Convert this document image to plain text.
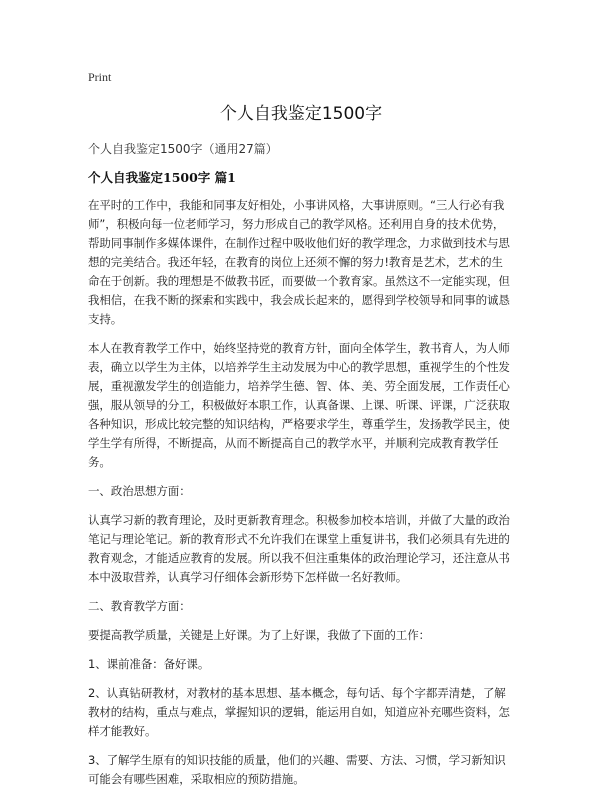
Print
个人自我鉴定1500字
个人自我鉴定1500字（通用27篇）
个人自我鉴定1500字 篇1

在平时的工作中，我能和同事友好相处，小事讲风格，大事讲原则。“三人行必有我师”，积极向每一位老师学习，努力形成自己的教学风格。还利用自身的技术优势，帮助同事制作多媒体课件，在制作过程中吸收他们好的教学理念，力求做到技术与思想的完美结合。我还年轻，在教育的岗位上还须不懈的努力!教育是艺术，艺术的生命在于创新。我的理想是不做教书匠，而要做一个教育家。虽然这不一定能实现，但我相信，在我不断的探索和实践中，我会成长起来的，愿得到学校领导和同事的诚恳支持。

本人在教育教学工作中，始终坚持党的教育方针，面向全体学生，教书育人，为人师表，确立以学生为主体，以培养学生主动发展为中心的教学思想，重视学生的个性发展，重视激发学生的创造能力，培养学生德、智、体、美、劳全面发展，工作责任心强，服从领导的分工，积极做好本职工作，认真备课、上课、听课、评课，广泛获取各种知识，形成比较完整的知识结构，严格要求学生，尊重学生，发扬教学民主，使学生学有所得，不断提高，从而不断提高自己的教学水平，并顺利完成教育教学任务。

一、政治思想方面：

认真学习新的教育理论，及时更新教育理念。积极参加校本培训，并做了大量的政治笔记与理论笔记。新的教育形式不允许我们在课堂上重复讲书，我们必须具有先进的教育观念，才能适应教育的发展。所以我不但注重集体的政治理论学习，还注意从书本中汲取营养，认真学习仔细体会新形势下怎样做一名好教师。

二、教育教学方面：

要提高教学质量，关键是上好课。为了上好课，我做了下面的工作：

1、课前准备：备好课。

2、认真钻研教材，对教材的基本思想、基本概念，每句话、每个字都弄清楚，了解教材的结构，重点与难点，掌握知识的逻辑，能运用自如，知道应补充哪些资料，怎样才能教好。

3、了解学生原有的知识技能的质量，他们的兴趣、需要、方法、习惯，学习新知识可能会有哪些困难，采取相应的预防措施。
